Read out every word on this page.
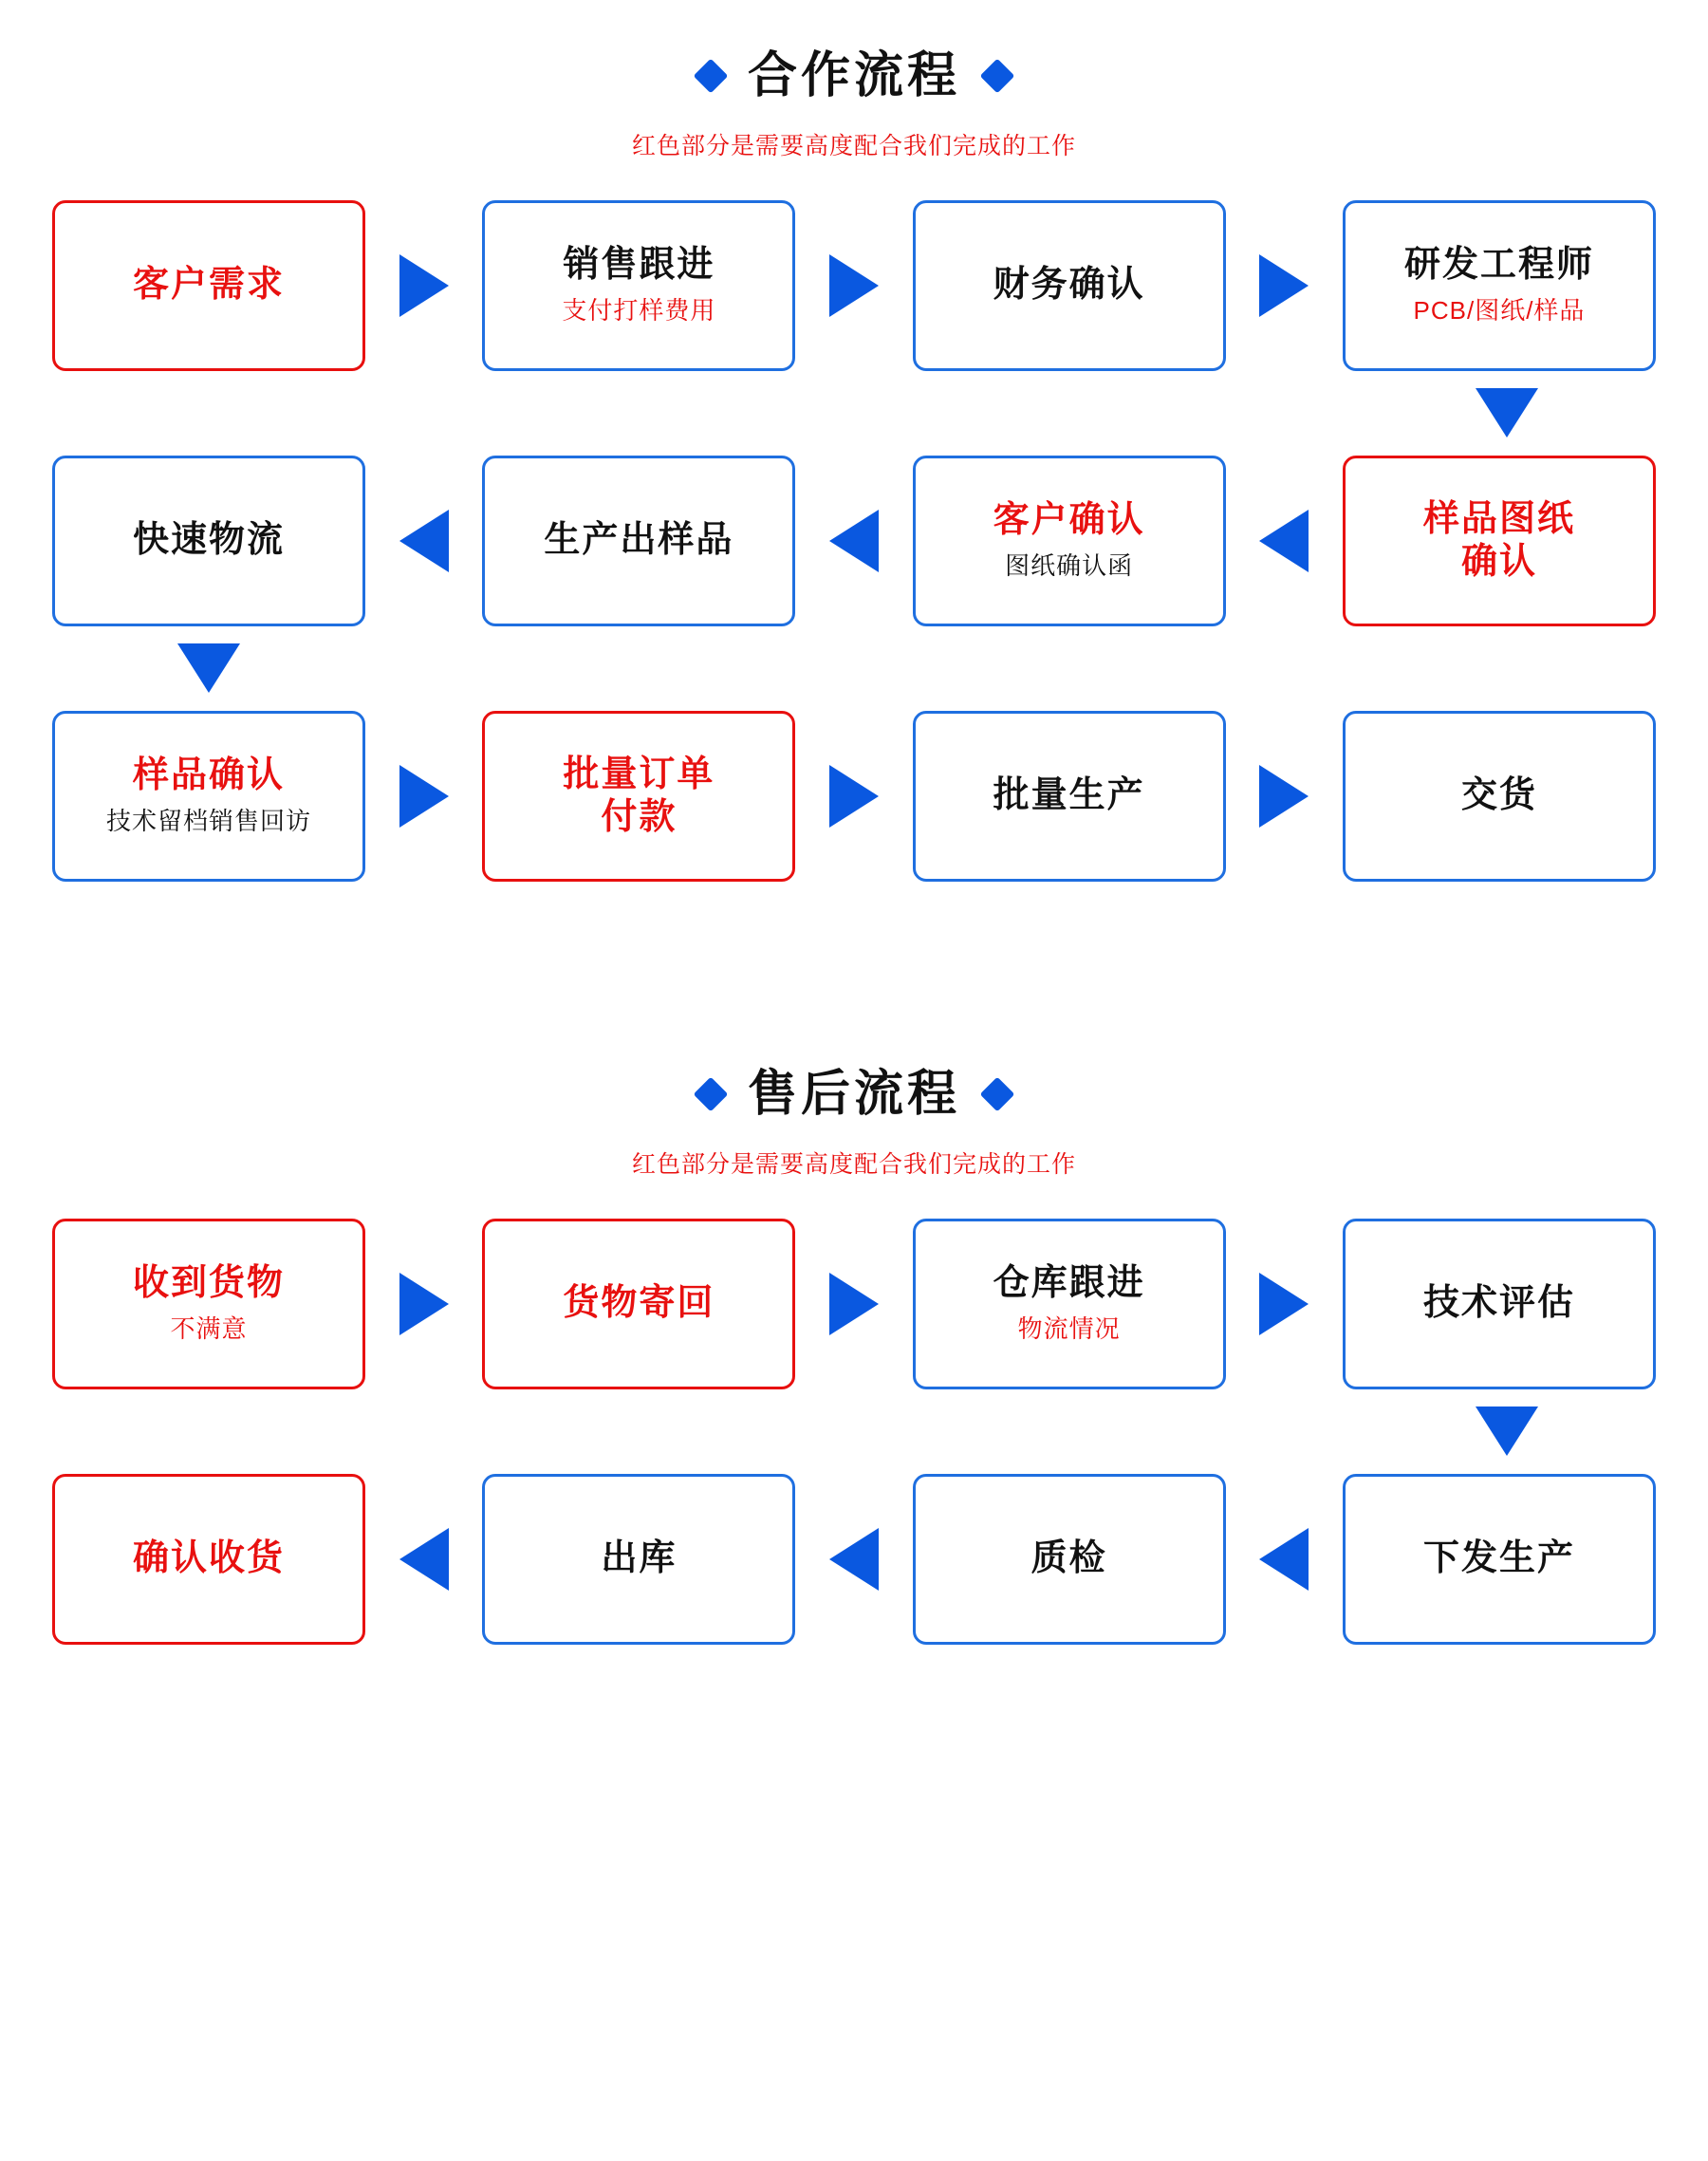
合作流程
红色部分是需要高度配合我们完成的工作
客户需求	销售跟进
支付打样费用
财务确认	研发工程师
PCB/图纸/样品
样品图纸
确认
客户确认
图纸确认函
生产出样品
快速物流
样品确认
技术留档销售回访
批量订单
付款
批量生产	交货
售后流程
红色部分是需要高度配合我们完成的工作
收到货物
不满意
货物寄回	仓库跟进
物流情况
技术评估
下发生产
质检
出库
确认收货
